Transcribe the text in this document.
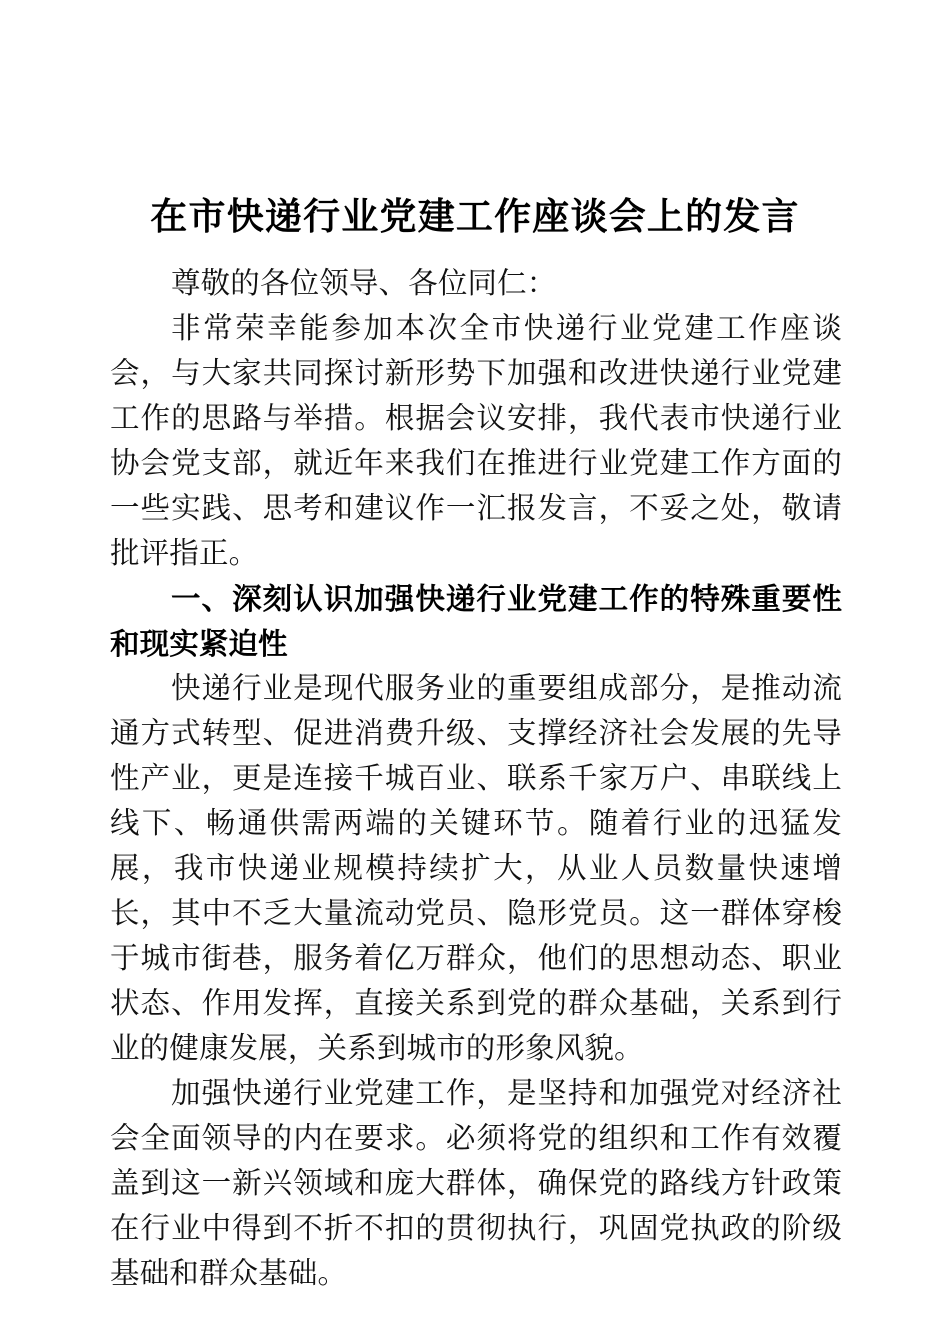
在市快递行业党建工作座谈会上的发言

尊敬的各位领导、各位同仁：

非常荣幸能参加本次全市快递行业党建工作座谈会，与大家共同探讨新形势下加强和改进快递行业党建工作的思路与举措。根据会议安排，我代表市快递行业协会党支部，就近年来我们在推进行业党建工作方面的一些实践、思考和建议作一汇报发言，不妥之处，敬请批评指正。

一、深刻认识加强快递行业党建工作的特殊重要性和现实紧迫性

快递行业是现代服务业的重要组成部分，是推动流通方式转型、促进消费升级、支撑经济社会发展的先导性产业，更是连接千城百业、联系千家万户、串联线上线下、畅通供需两端的关键环节。随着行业的迅猛发展，我市快递业规模持续扩大，从业人员数量快速增长，其中不乏大量流动党员、隐形党员。这一群体穿梭于城市街巷，服务着亿万群众，他们的思想动态、职业状态、作用发挥，直接关系到党的群众基础，关系到行业的健康发展，关系到城市的形象风貌。

加强快递行业党建工作，是坚持和加强党对经济社会全面领导的内在要求。必须将党的组织和工作有效覆盖到这一新兴领域和庞大群体，确保党的路线方针政策在行业中得到不折不扣的贯彻执行，巩固党执政的阶级基础和群众基础。
